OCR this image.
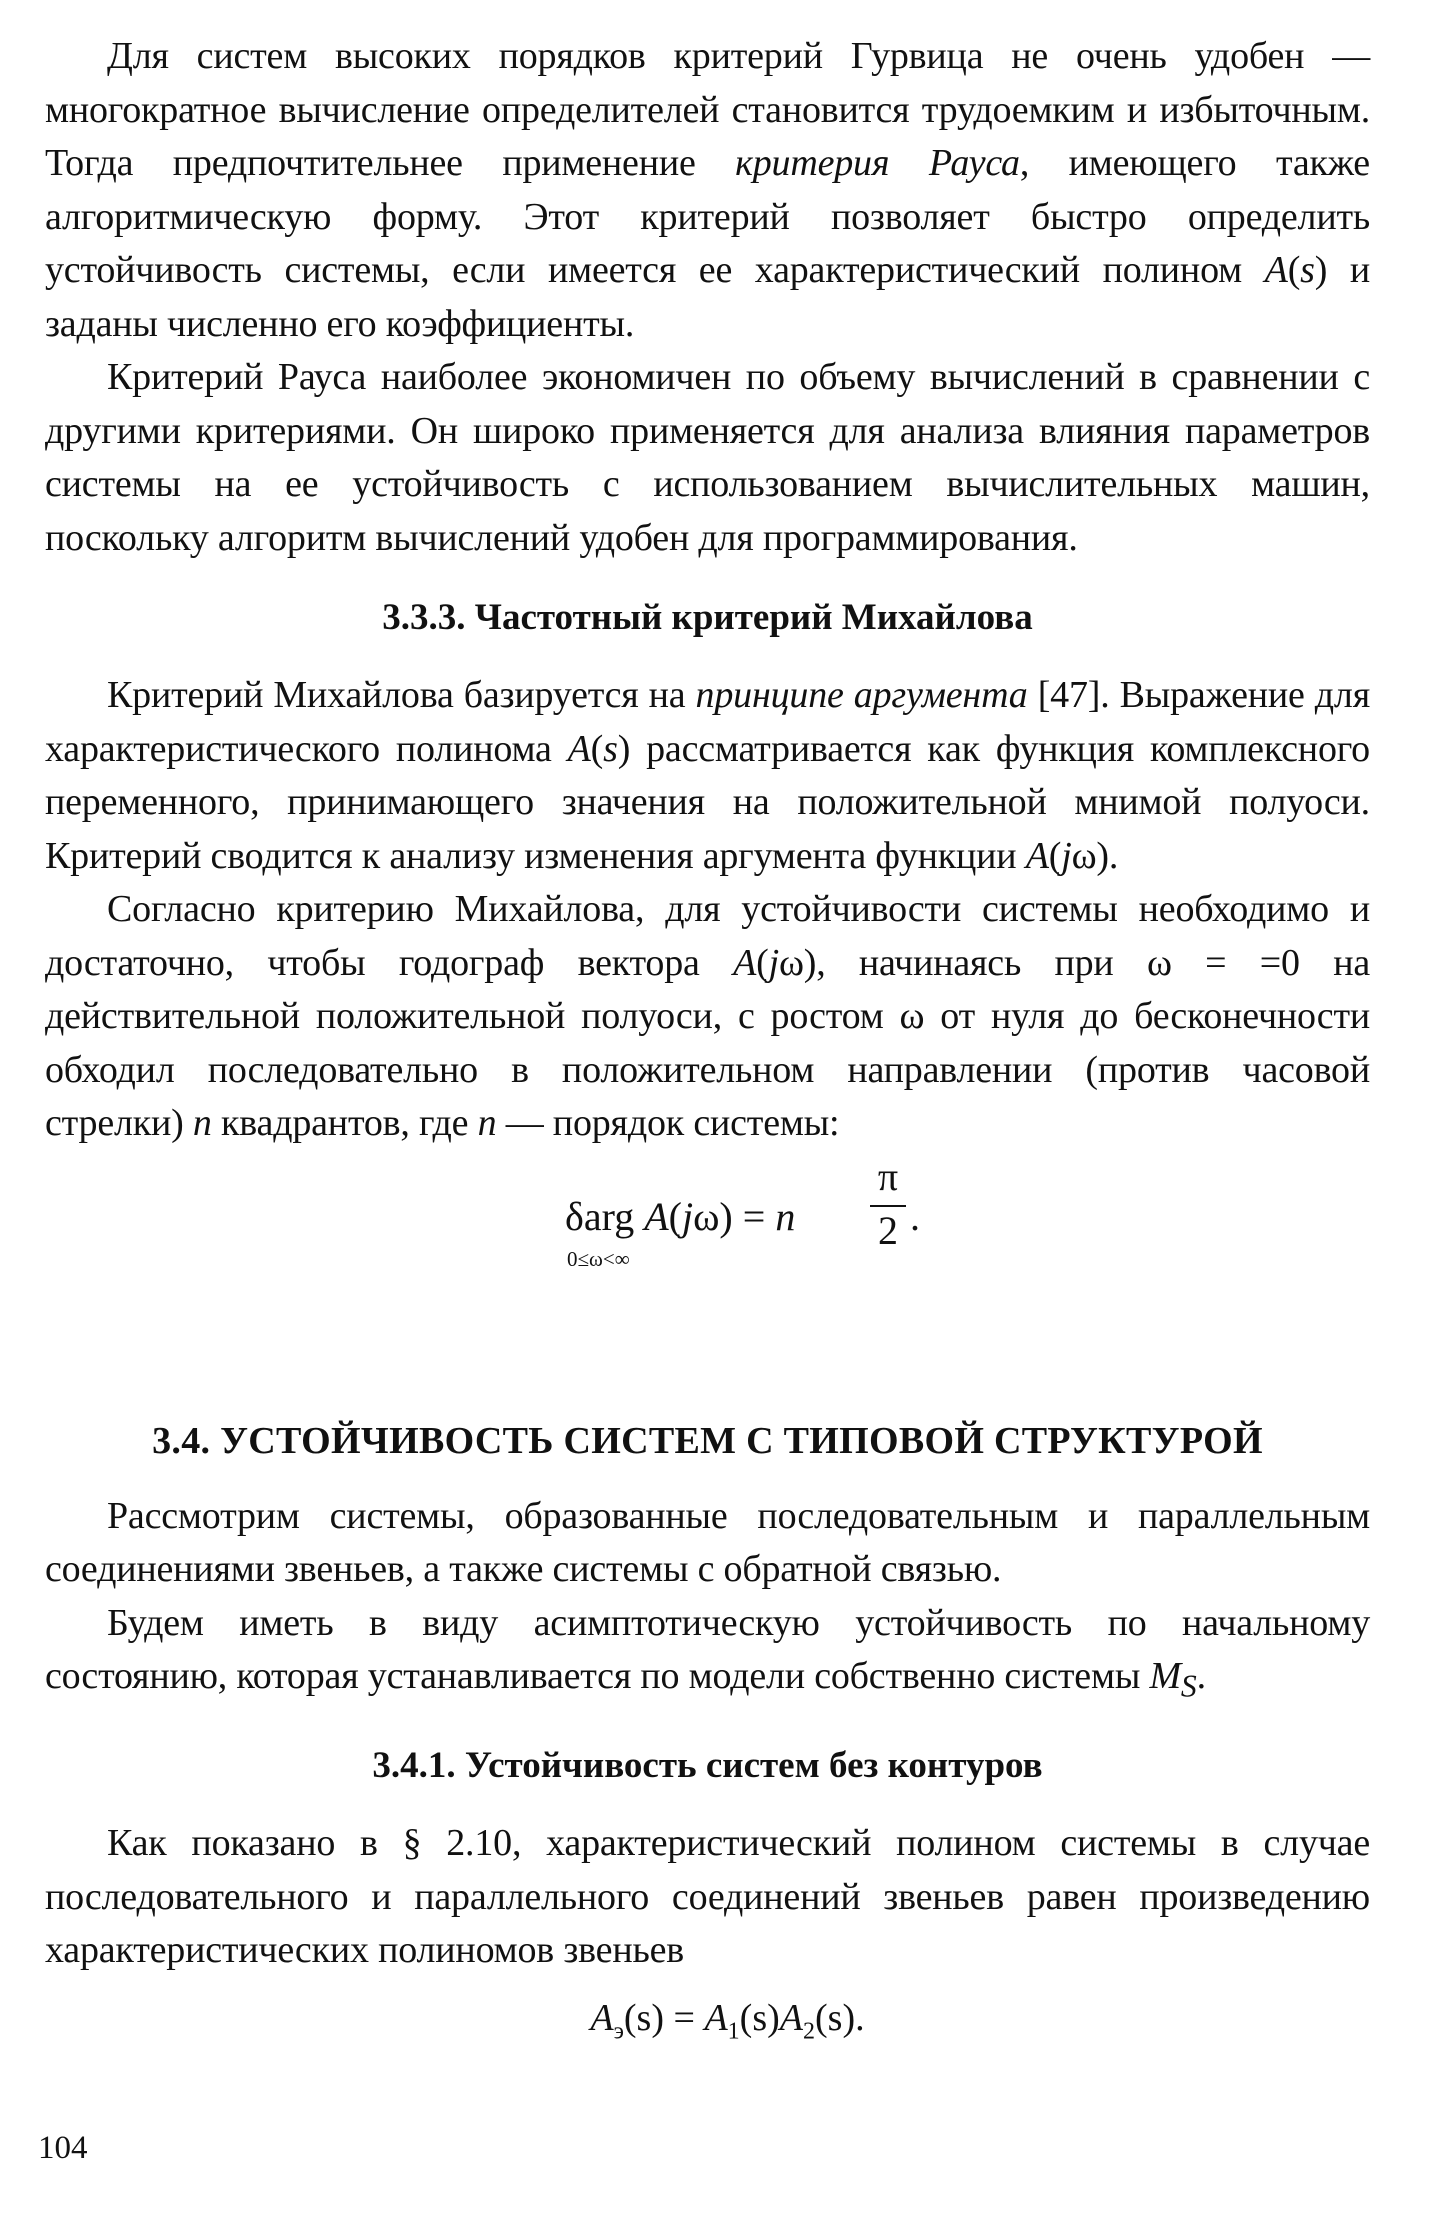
Для систем высоких порядков критерий Гурвица не очень удобен — многократное вычисление определителей становится трудоемким и избыточным. Тогда предпочтительнее применение критерия Рауса, имеющего также алгоритмическую форму. Этот критерий позволяет быстро определить устойчивость системы, если имеется ее характеристический полином A(s) и заданы численно его коэффициенты.

Критерий Рауса наиболее экономичен по объему вычислений в сравнении с другими критериями. Он широко применяется для анализа влияния параметров системы на ее устойчивость с использованием вычислительных машин, поскольку алгоритм вычислений удобен для программирования.

3.3.3. Частотный критерий Михайлова

Критерий Михайлова базируется на принципе аргумента [47]. Выражение для характеристического полинома A(s) рассматривается как функция комплексного переменного, принимающего значения на положительной мнимой полуоси. Критерий сводится к анализу изменения аргумента функции A(jω).

Согласно критерию Михайлова, для устойчивости системы необходимо и достаточно, чтобы годограф вектора A(jω), начинаясь при ω = =0 на действительной положительной полуоси, с ростом ω от нуля до бесконечности обходил последовательно в положительном направлении (против часовой стрелки) n квадрантов, где n — порядок системы:

δarg A(jω) = n
π
2 .
0≤ω<∞
3.4. УСТОЙЧИВОСТЬ СИСТЕМ С ТИПОВОЙ СТРУКТУРОЙ

Рассмотрим системы, образованные последовательным и параллельным соединениями звеньев, а также системы с обратной связью.

Будем иметь в виду асимптотическую устойчивость по начальному состоянию, которая устанавливается по модели собственно системы $M_S$.

3.4.1. Устойчивость систем без контуров

Как показано в § 2.10, характеристический полином системы в случае последовательного и параллельного соединений звеньев равен произведению характеристических полиномов звеньев

$A_э(s) = A_1(s)A_2(s)$.
104
